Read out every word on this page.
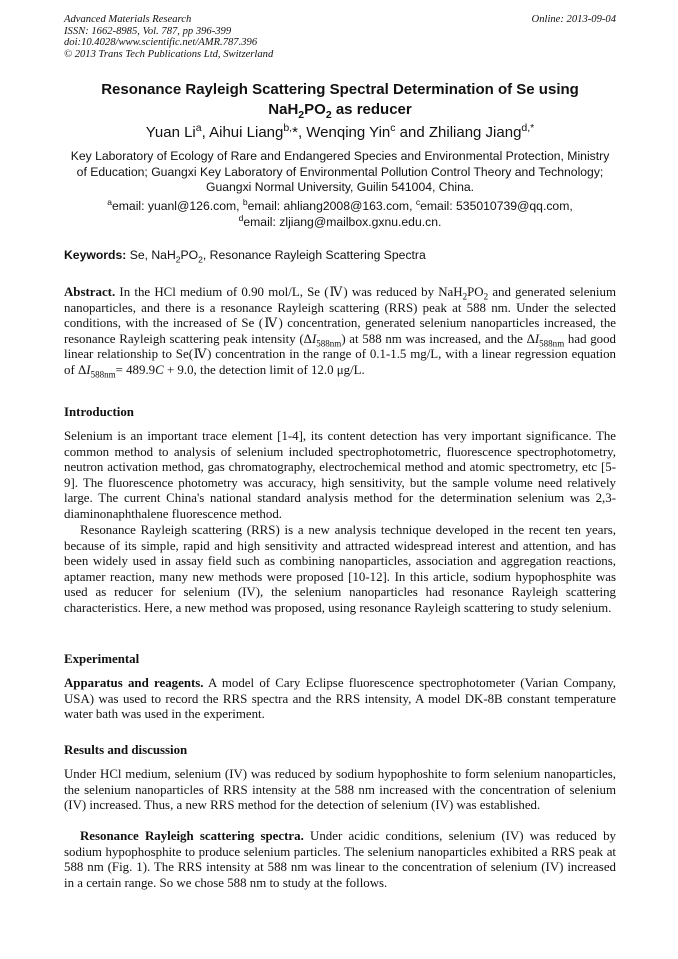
Advanced Materials Research
ISSN: 1662-8985, Vol. 787, pp 396-399
doi:10.4028/www.scientific.net/AMR.787.396
© 2013 Trans Tech Publications Ltd, Switzerland
Online: 2013-09-04
Resonance Rayleigh Scattering Spectral Determination of Se using
$NaH_2PO_2$ as reducer
Yuan Li$^a$, Aihui Liang$^{b,}$*, Wenqing Yin$^c$ and Zhiliang Jiang$^{d,*}$
Key Laboratory of Ecology of Rare and Endangered Species and Environmental Protection, Ministry
of Education; Guangxi Key Laboratory of Environmental Pollution Control Theory and Technology;
Guangxi Normal University, Guilin 541004, China.
$^a$email: yuanl@126.com, $^b$email: ahliang2008@163.com, $^c$email: 535010739@qq.com,
$^d$email: zljiang@mailbox.gxnu.edu.cn.
Keywords: Se, $NaH_2PO_2$, Resonance Rayleigh Scattering Spectra
Abstract. In the HCl medium of 0.90 mol/L, Se (Ⅳ) was reduced by $NaH_2PO_2$ and generated selenium nanoparticles, and there is a resonance Rayleigh scattering (RRS) peak at 588 nm. Under the selected conditions, with the increased of Se (Ⅳ) concentration, generated selenium nanoparticles increased, the resonance Rayleigh scattering peak intensity $(\Delta I_{588nm})$ at 588 nm was increased, and the $\Delta I_{588nm}$ had good linear relationship to Se(Ⅳ) concentration in the range of 0.1-1.5 mg/L, with a linear regression equation of $\Delta I_{588nm}= 489.9C + 9.0$, the detection limit of 12.0 μg/L.
Introduction
Selenium is an important trace element [1-4], its content detection has very important significance. The common method to analysis of selenium included spectrophotometric, fluorescence spectrophotometry, neutron activation method, gas chromatography, electrochemical method and atomic spectrometry, etc [5-9]. The fluorescence photometry was accuracy, high sensitivity, but the sample volume need relatively large. The current China's national standard analysis method for the determination selenium was 2,3-diaminonaphthalene fluorescence method.
Resonance Rayleigh scattering (RRS) is a new analysis technique developed in the recent ten years, because of its simple, rapid and high sensitivity and attracted widespread interest and attention, and has been widely used in assay field such as combining nanoparticles, association and aggregation reactions, aptamer reaction, many new methods were proposed [10-12]. In this article, sodium hypophosphite was used as reducer for selenium (IV), the selenium nanoparticles had resonance Rayleigh scattering characteristics. Here, a new method was proposed, using resonance Rayleigh scattering to study selenium.
Experimental
Apparatus and reagents. A model of Cary Eclipse fluorescence spectrophotometer (Varian Company, USA) was used to record the RRS spectra and the RRS intensity, A model DK-8B constant temperature water bath was used in the experiment.
Results and discussion
Under HCl medium, selenium (IV) was reduced by sodium hypophoshite to form selenium nanoparticles, the selenium nanoparticles of RRS intensity at the 588 nm increased with the concentration of selenium (IV) increased. Thus, a new RRS method for the detection of selenium (IV) was established.
Resonance Rayleigh scattering spectra. Under acidic conditions, selenium (IV) was reduced by sodium hypophosphite to produce selenium particles. The selenium nanoparticles exhibited a RRS peak at 588 nm (Fig. 1). The RRS intensity at 588 nm was linear to the concentration of selenium (IV) increased in a certain range. So we chose 588 nm to study at the follows.
